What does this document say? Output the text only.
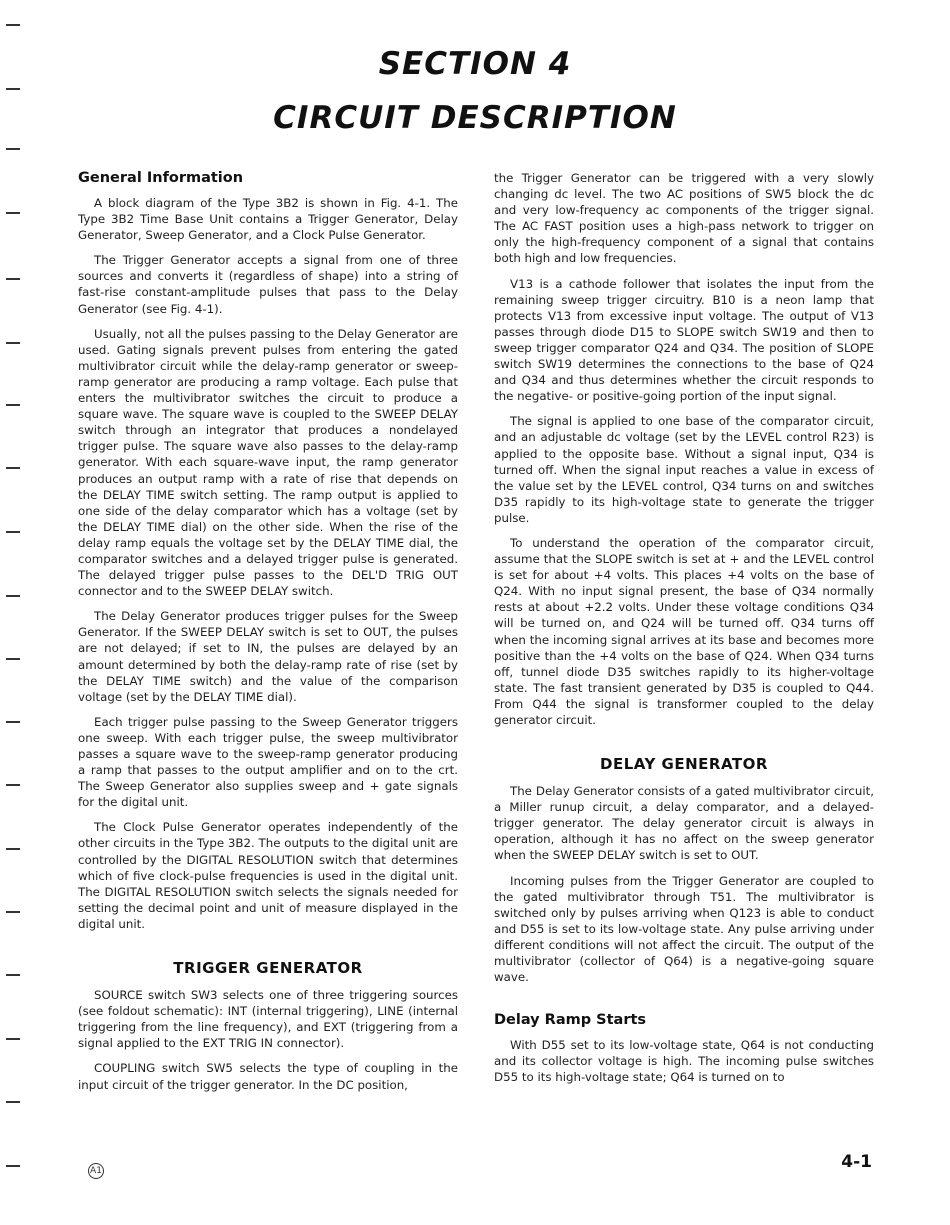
SECTION 4
CIRCUIT DESCRIPTION
General Information

A block diagram of the Type 3B2 is shown in Fig. 4-1. The Type 3B2 Time Base Unit contains a Trigger Generator, Delay Generator, Sweep Generator, and a Clock Pulse Generator.

The Trigger Generator accepts a signal from one of three sources and converts it (regardless of shape) into a string of fast-rise constant-amplitude pulses that pass to the Delay Generator (see Fig. 4-1).

Usually, not all the pulses passing to the Delay Generator are used. Gating signals prevent pulses from entering the gated multivibrator circuit while the delay-ramp generator or sweep-ramp generator are producing a ramp voltage. Each pulse that enters the multivibrator switches the circuit to produce a square wave. The square wave is coupled to the SWEEP DELAY switch through an integrator that produces a nondelayed trigger pulse. The square wave also passes to the delay-ramp generator. With each square-wave input, the ramp generator produces an output ramp with a rate of rise that depends on the DELAY TIME switch setting. The ramp output is applied to one side of the delay comparator which has a voltage (set by the DELAY TIME dial) on the other side. When the rise of the delay ramp equals the voltage set by the DELAY TIME dial, the comparator switches and a delayed trigger pulse is generated. The delayed trigger pulse passes to the DEL'D TRIG OUT connector and to the SWEEP DELAY switch.

The Delay Generator produces trigger pulses for the Sweep Generator. If the SWEEP DELAY switch is set to OUT, the pulses are not delayed; if set to IN, the pulses are delayed by an amount determined by both the delay-ramp rate of rise (set by the DELAY TIME switch) and the value of the comparison voltage (set by the DELAY TIME dial).

Each trigger pulse passing to the Sweep Generator triggers one sweep. With each trigger pulse, the sweep multivibrator passes a square wave to the sweep-ramp generator producing a ramp that passes to the output amplifier and on to the crt. The Sweep Generator also supplies sweep and + gate signals for the digital unit.

The Clock Pulse Generator operates independently of the other circuits in the Type 3B2. The outputs to the digital unit are controlled by the DIGITAL RESOLUTION switch that determines which of five clock-pulse frequencies is used in the digital unit. The DIGITAL RESOLUTION switch selects the signals needed for setting the decimal point and unit of measure displayed in the digital unit.

TRIGGER GENERATOR

SOURCE switch SW3 selects one of three triggering sources (see foldout schematic): INT (internal triggering), LINE (internal triggering from the line frequency), and EXT (triggering from a signal applied to the EXT TRIG IN connector).

COUPLING switch SW5 selects the type of coupling in the input circuit of the trigger generator. In the DC position,

the Trigger Generator can be triggered with a very slowly changing dc level. The two AC positions of SW5 block the dc and very low-frequency ac components of the trigger signal. The AC FAST position uses a high-pass network to trigger on only the high-frequency component of a signal that contains both high and low frequencies.

V13 is a cathode follower that isolates the input from the remaining sweep trigger circuitry. B10 is a neon lamp that protects V13 from excessive input voltage. The output of V13 passes through diode D15 to SLOPE switch SW19 and then to sweep trigger comparator Q24 and Q34. The position of SLOPE switch SW19 determines the connections to the base of Q24 and Q34 and thus determines whether the circuit responds to the negative- or positive-going portion of the input signal.

The signal is applied to one base of the comparator circuit, and an adjustable dc voltage (set by the LEVEL control R23) is applied to the opposite base. Without a signal input, Q34 is turned off. When the signal input reaches a value in excess of the value set by the LEVEL control, Q34 turns on and switches D35 rapidly to its high-voltage state to generate the trigger pulse.

To understand the operation of the comparator circuit, assume that the SLOPE switch is set at + and the LEVEL control is set for about +4 volts. This places +4 volts on the base of Q24. With no input signal present, the base of Q34 normally rests at about +2.2 volts. Under these voltage conditions Q34 will be turned on, and Q24 will be turned off. Q34 turns off when the incoming signal arrives at its base and becomes more positive than the +4 volts on the base of Q24. When Q34 turns off, tunnel diode D35 switches rapidly to its higher-voltage state. The fast transient generated by D35 is coupled to Q44. From Q44 the signal is transformer coupled to the delay generator circuit.

DELAY GENERATOR

The Delay Generator consists of a gated multivibrator circuit, a Miller runup circuit, a delay comparator, and a delayed-trigger generator. The delay generator circuit is always in operation, although it has no affect on the sweep generator when the SWEEP DELAY switch is set to OUT.

Incoming pulses from the Trigger Generator are coupled to the gated multivibrator through T51. The multivibrator is switched only by pulses arriving when Q123 is able to conduct and D55 is set to its low-voltage state. Any pulse arriving under different conditions will not affect the circuit. The output of the multivibrator (collector of Q64) is a negative-going square wave.

Delay Ramp Starts

With D55 set to its low-voltage state, Q64 is not conducting and its collector voltage is high. The incoming pulse switches D55 to its high-voltage state; Q64 is turned on to

A1	4-1
